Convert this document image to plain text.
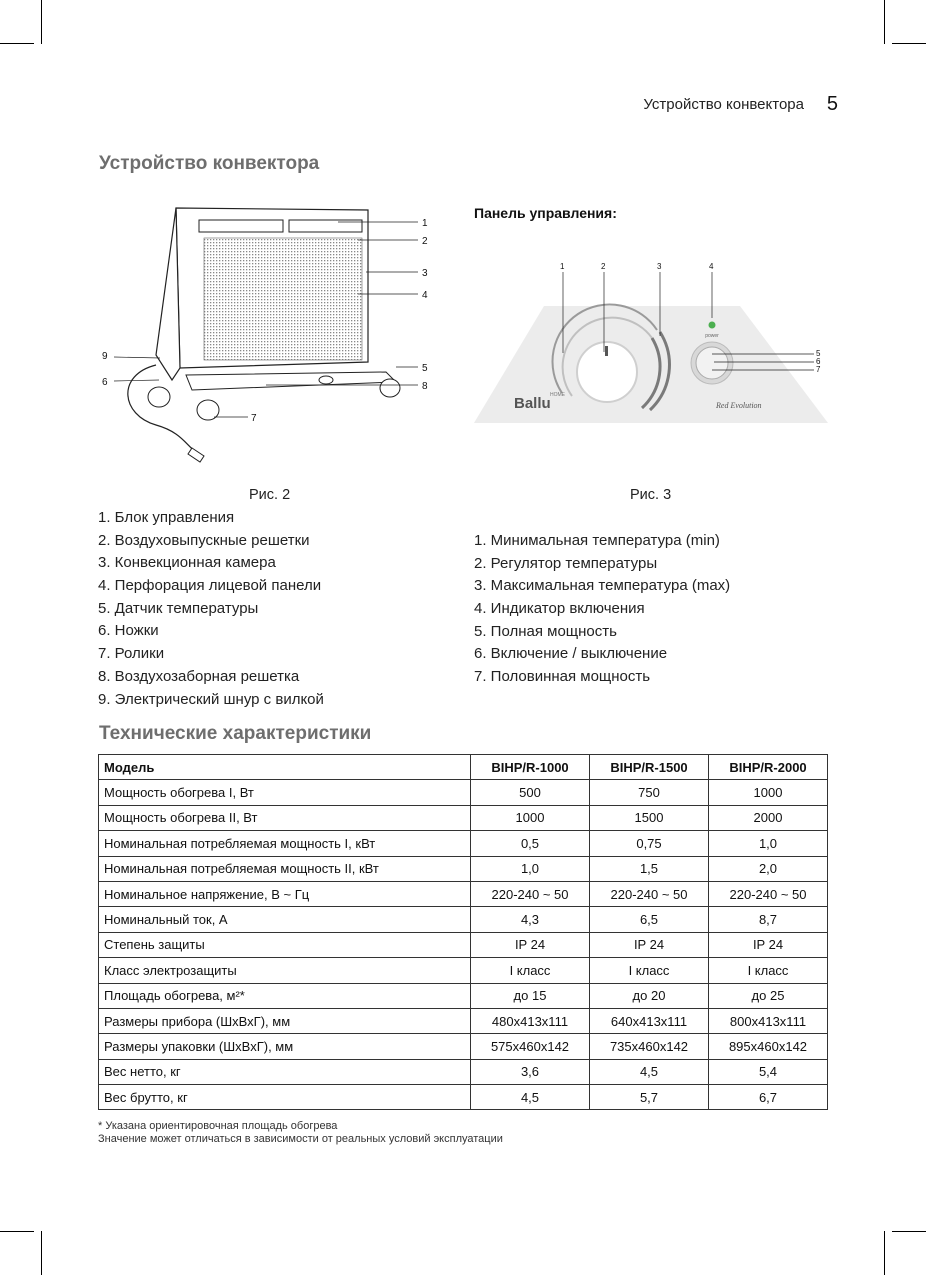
Устройство конвектора 5
Устройство конвектора
1
2
3
4
5
6
7
8
9
Панель управления:
power
Ballu HOME
Red Evolution
1	2	3	4
5
6
7
Рис. 2	Рис. 3
1. Блок управления
2. Воздуховыпускные решетки
3. Конвекционная камера
4. Перфорация лицевой панели
5. Датчик температуры
6. Ножки
7. Ролики
8. Воздухозаборная решетка
9. Электрический шнур с вилкой
1. Минимальная температура (min)
2. Регулятор температуры
3. Максимальная температура (max)
4. Индикатор включения
5. Полная мощность
6. Включение / выключение
7. Половинная мощность
Технические характеристики
Модель	BIHP/R-1000	BIHP/R-1500	BIHP/R-2000
Мощность обогрева I, Вт	500	750	1000
Мощность обогрева II, Вт	1000	1500	2000
Номинальная потребляемая мощность I, кВт	0,5	0,75	1,0
Номинальная потребляемая мощность II, кВт	1,0	1,5	2,0
Номинальное напряжение, В ~ Гц	220-240 ~ 50	220-240 ~ 50	220-240 ~ 50
Номинальный ток, А	4,3	6,5	8,7
Степень защиты	IP 24	IP 24	IP 24
Класс электрозащиты	I класс	I класс	I класс
Площадь обогрева, м²*	до 15	до 20	до 25
Размеры прибора (ШхВхГ), мм	480х413х111	640х413х111	800х413х111
Размеры упаковки (ШхВхГ), мм	575х460х142	735х460х142	895х460х142
Вес нетто, кг	3,6	4,5	5,4
Вес брутто, кг	4,5	5,7	6,7
* Указана ориентировочная площадь обогрева
Значение может отличаться в зависимости от реальных условий эксплуатации
